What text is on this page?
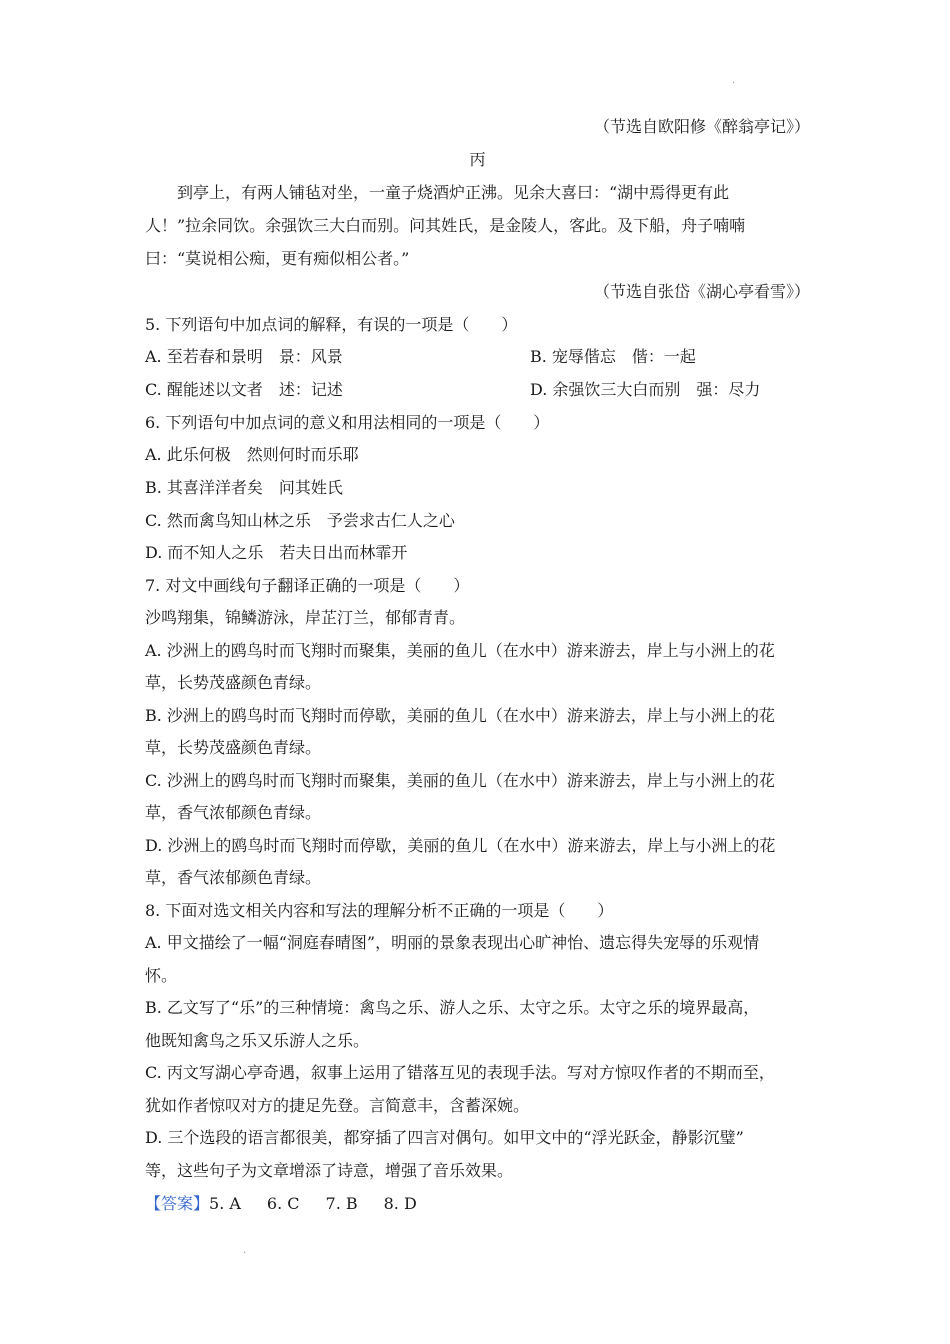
·
（节选自欧阳修《醉翁亭记》）
丙
到亭上，有两人铺毡对坐，一童子烧酒炉正沸。见余大喜曰：“湖中焉得更有此
人！”拉余同饮。余强饮三大白而别。问其姓氏，是金陵人，客此。及下船，舟子喃喃
曰：“莫说相公痴，更有痴似相公者。”
（节选自张岱《湖心亭看雪》）
5. 下列语句中加点词的解释，有误的一项是（　　）
A. 至若春和景明　景：风景	B. 宠辱偕忘　偕：一起
C. 醒能述以文者　述：记述	D. 余强饮三大白而别　强：尽力
6. 下列语句中加点词的意义和用法相同的一项是（　　）
A. 此乐何极　然则何时而乐耶
B. 其喜洋洋者矣　问其姓氏
C. 然而禽鸟知山林之乐　予尝求古仁人之心
D. 而不知人之乐　若夫日出而林霏开
7. 对文中画线句子翻译正确的一项是（　　）
沙鸣翔集，锦鳞游泳，岸芷汀兰，郁郁青青。
A. 沙洲上的鸥鸟时而飞翔时而聚集，美丽的鱼儿（在水中）游来游去，岸上与小洲上的花
草，长势茂盛颜色青绿。
B. 沙洲上的鸥鸟时而飞翔时而停歇，美丽的鱼儿（在水中）游来游去，岸上与小洲上的花
草，长势茂盛颜色青绿。
C. 沙洲上的鸥鸟时而飞翔时而聚集，美丽的鱼儿（在水中）游来游去，岸上与小洲上的花
草，香气浓郁颜色青绿。
D. 沙洲上的鸥鸟时而飞翔时而停歇，美丽的鱼儿（在水中）游来游去，岸上与小洲上的花
草，香气浓郁颜色青绿。
8. 下面对选文相关内容和写法的理解分析不正确的一项是（　　）
A. 甲文描绘了一幅“洞庭春晴图”，明丽的景象表现出心旷神怡、遗忘得失宠辱的乐观情
怀。
B. 乙文写了“乐”的三种情境：禽鸟之乐、游人之乐、太守之乐。太守之乐的境界最高，
他既知禽鸟之乐又乐游人之乐。
C. 丙文写湖心亭奇遇，叙事上运用了错落互见的表现手法。写对方惊叹作者的不期而至，
犹如作者惊叹对方的捷足先登。言简意丰，含蓄深婉。
D. 三个选段的语言都很美，都穿插了四言对偶句。如甲文中的“浮光跃金，静影沉璧”
等，这些句子为文章增添了诗意，增强了音乐效果。
【答案】5. A 6. C 7. B 8. D
·
